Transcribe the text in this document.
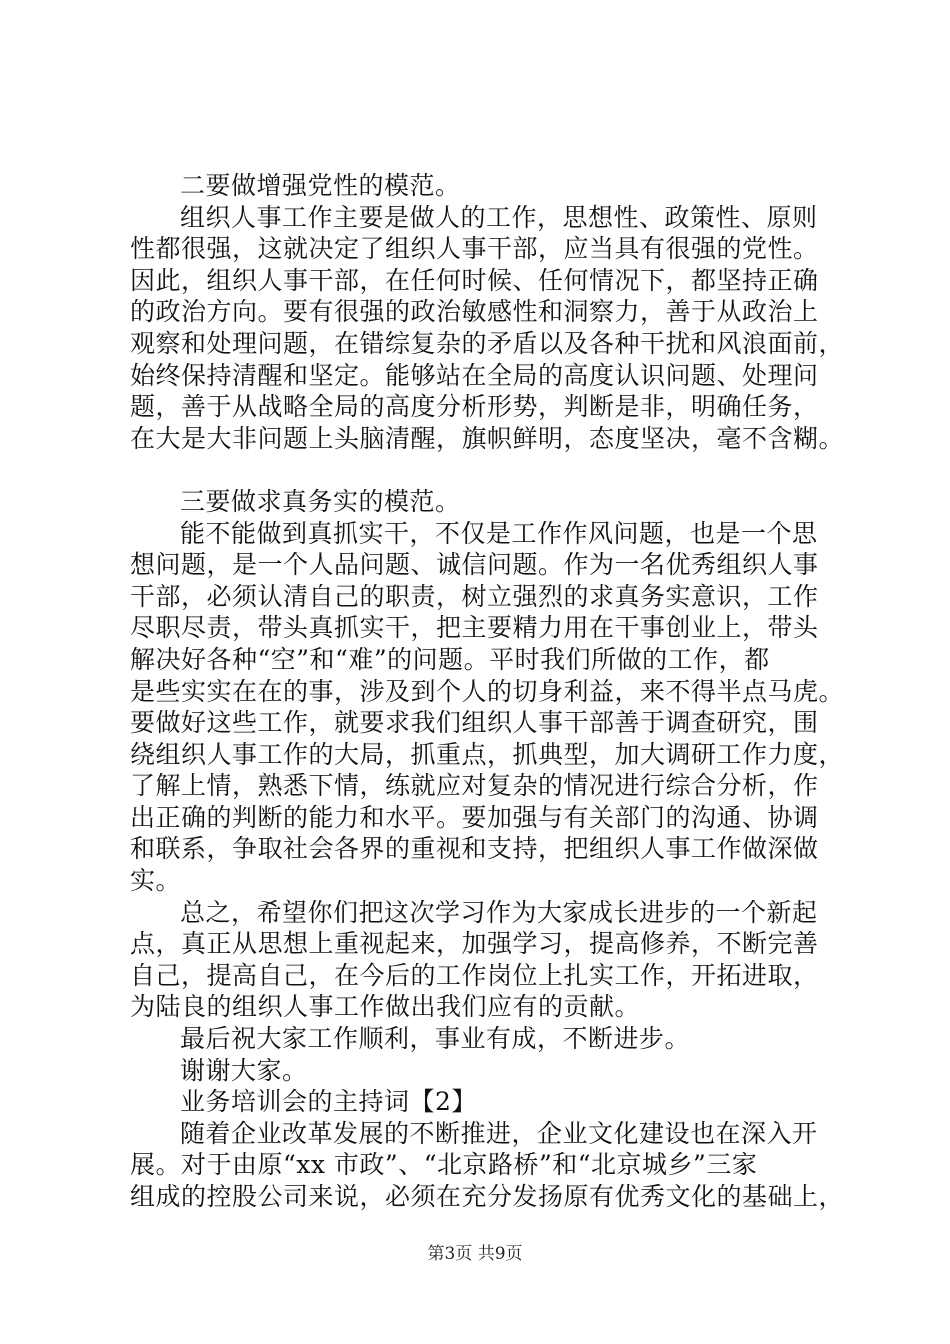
二要做增强党性的模范。
组织人事工作主要是做人的工作，思想性、政策性、原则
性都很强，这就决定了组织人事干部，应当具有很强的党性。
因此，组织人事干部，在任何时候、任何情况下，都坚持正确
的政治方向。要有很强的政治敏感性和洞察力，善于从政治上
观察和处理问题，在错综复杂的矛盾以及各种干扰和风浪面前，
始终保持清醒和坚定。能够站在全局的高度认识问题、处理问
题，善于从战略全局的高度分析形势，判断是非，明确任务，
在大是大非问题上头脑清醒，旗帜鲜明，态度坚决，毫不含糊。
三要做求真务实的模范。
能不能做到真抓实干，不仅是工作作风问题，也是一个思
想问题，是一个人品问题、诚信问题。作为一名优秀组织人事
干部，必须认清自己的职责，树立强烈的求真务实意识，工作
尽职尽责，带头真抓实干，把主要精力用在干事创业上，带头
解决好各种“空”和“难”的问题。平时我们所做的工作，都
是些实实在在的事，涉及到个人的切身利益，来不得半点马虎。
要做好这些工作，就要求我们组织人事干部善于调查研究，围
绕组织人事工作的大局，抓重点，抓典型，加大调研工作力度，
了解上情，熟悉下情，练就应对复杂的情况进行综合分析，作
出正确的判断的能力和水平。要加强与有关部门的沟通、协调
和联系，争取社会各界的重视和支持，把组织人事工作做深做
实。
总之，希望你们把这次学习作为大家成长进步的一个新起
点，真正从思想上重视起来，加强学习，提高修养，不断完善
自己，提高自己，在今后的工作岗位上扎实工作，开拓进取，
为陆良的组织人事工作做出我们应有的贡献。
最后祝大家工作顺利，事业有成，不断进步。
谢谢大家。
业务培训会的主持词【2】
随着企业改革发展的不断推进，企业文化建设也在深入开
展。对于由原“xx 市政”、“北京路桥”和“北京城乡”三家
组成的控股公司来说，必须在充分发扬原有优秀文化的基础上，
第3页 共9页
